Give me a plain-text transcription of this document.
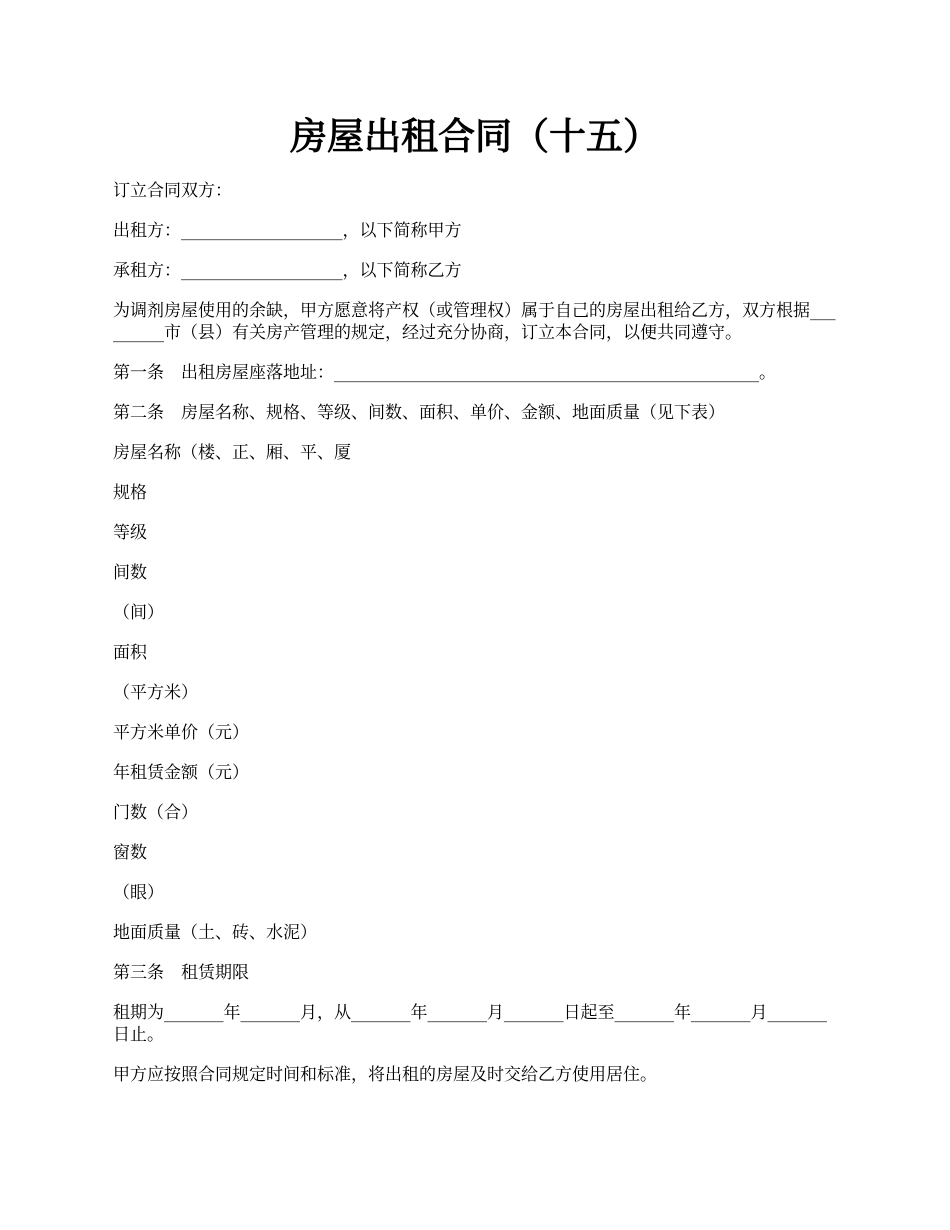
房屋出租合同（十五）

订立合同双方：

出租方：___________________，以下简称甲方

承租方：___________________，以下简称乙方

为调剂房屋使用的余缺，甲方愿意将产权（或管理权）属于自己的房屋出租给乙方，双方根据_________市（县）有关房产管理的规定，经过充分协商，订立本合同，以便共同遵守。

第一条　出租房屋座落地址：__________________________________________________。

第二条　房屋名称、规格、等级、间数、面积、单价、金额、地面质量（见下表）

房屋名称（楼、正、厢、平、厦

规格

等级

间数

（间）

面积

（平方米）

平方米单价（元）

年租赁金额（元）

门数（合）

窗数

（眼）

地面质量（土、砖、水泥）

第三条　租赁期限

租期为_______年_______月，从_______年_______月_______日起至_______年_______月_______日止。

甲方应按照合同规定时间和标准，将出租的房屋及时交给乙方使用居住。
